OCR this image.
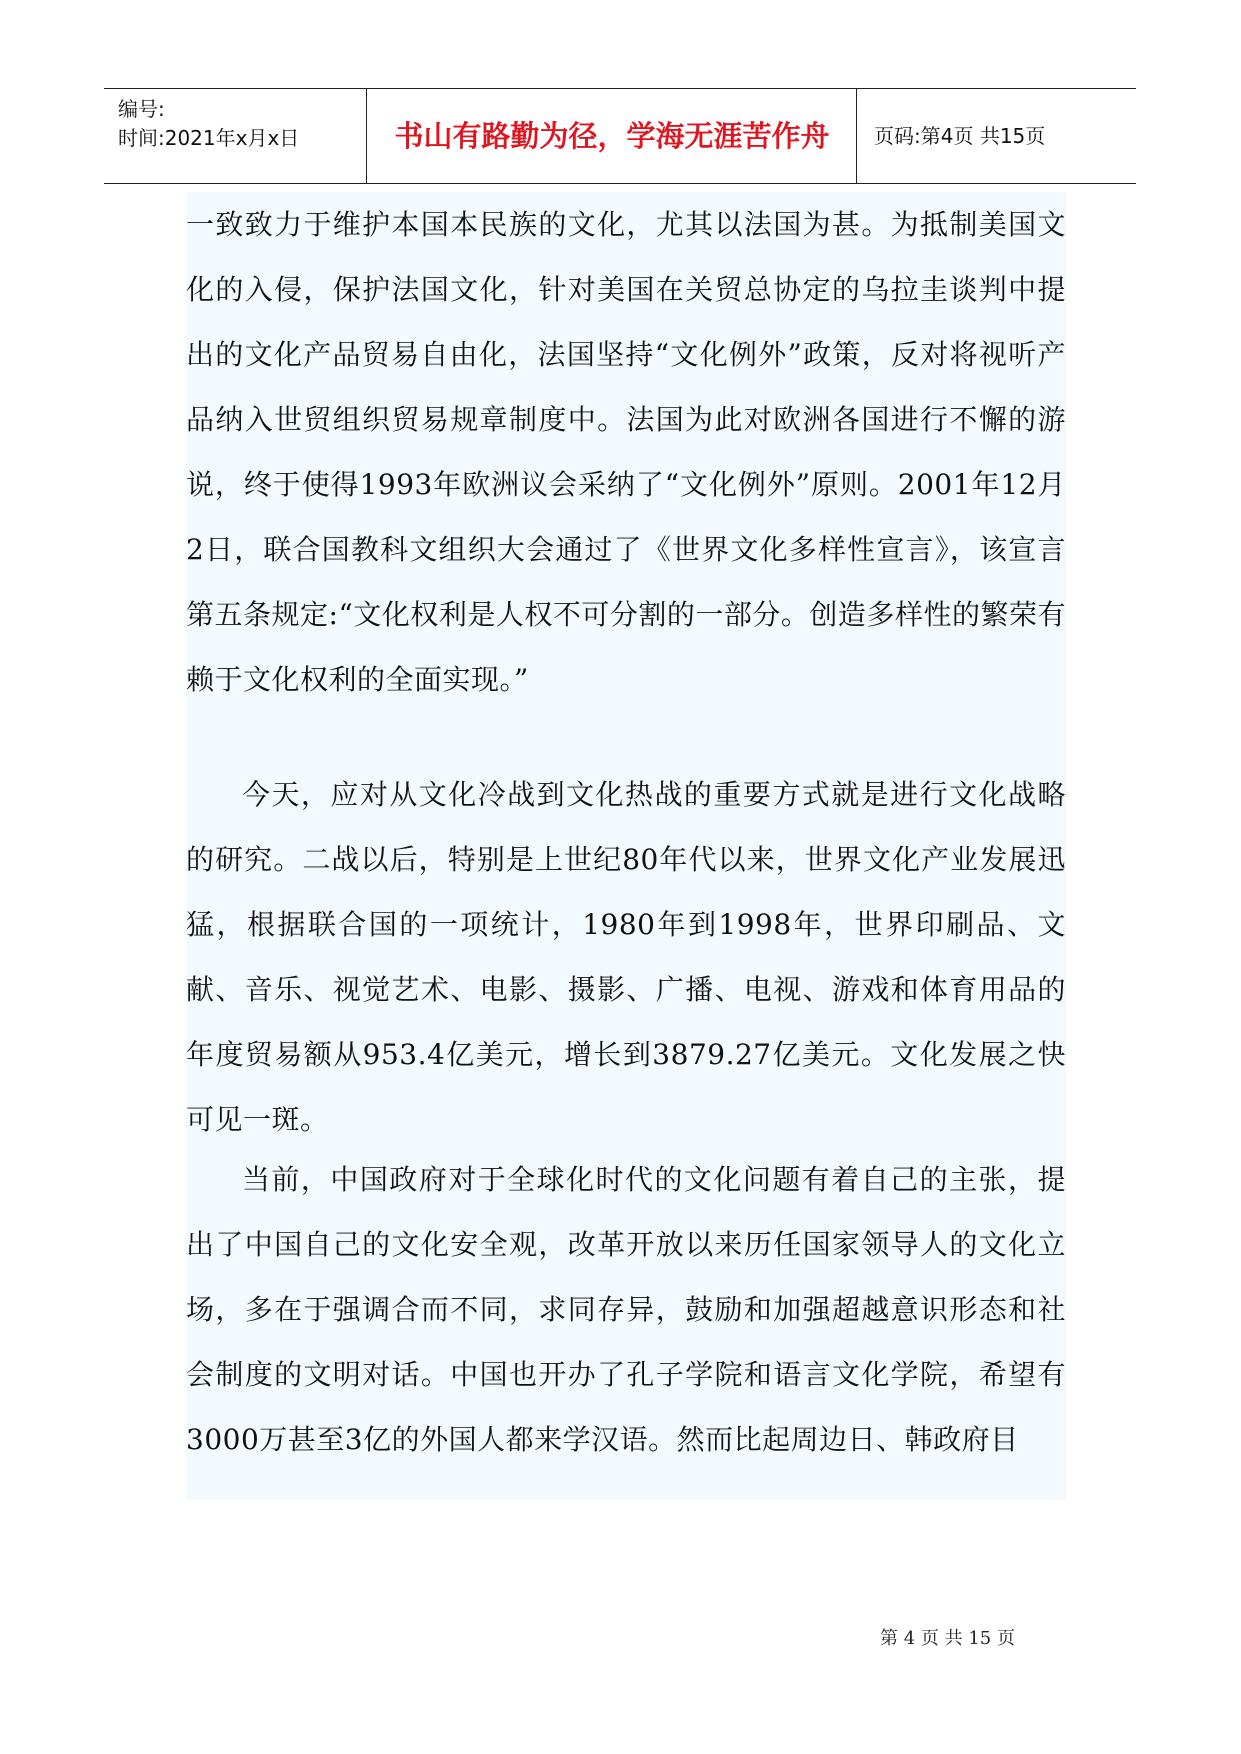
编号:
时间:2021年x月x日	书山有路勤为径，学海无涯苦作舟	页码:第4页 共15页

一致致力于维护本国本民族的文化，尤其以法国为甚。为抵制美国文化的入侵，保护法国文化，针对美国在关贸总协定的乌拉圭谈判中提出的文化产品贸易自由化，法国坚持“文化例外”政策，反对将视听产品纳入世贸组织贸易规章制度中。法国为此对欧洲各国进行不懈的游说，终于使得1993年欧洲议会采纳了“文化例外”原则。2001年12月2日，联合国教科文组织大会通过了《世界文化多样性宣言》，该宣言第五条规定:“文化权利是人权不可分割的一部分。创造多样性的繁荣有赖于文化权利的全面实现。”

今天，应对从文化冷战到文化热战的重要方式就是进行文化战略的研究。二战以后，特别是上世纪80年代以来，世界文化产业发展迅猛，根据联合国的一项统计，1980年到1998年，世界印刷品、文献、音乐、视觉艺术、电影、摄影、广播、电视、游戏和体育用品的年度贸易额从953.4亿美元，增长到3879.27亿美元。文化发展之快可见一斑。

当前，中国政府对于全球化时代的文化问题有着自己的主张，提出了中国自己的文化安全观，改革开放以来历任国家领导人的文化立场，多在于强调合而不同，求同存异，鼓励和加强超越意识形态和社会制度的文明对话。中国也开办了孔子学院和语言文化学院，希望有3000万甚至3亿的外国人都来学汉语。然而比起周边日、韩政府目

第 4 页 共 15 页
